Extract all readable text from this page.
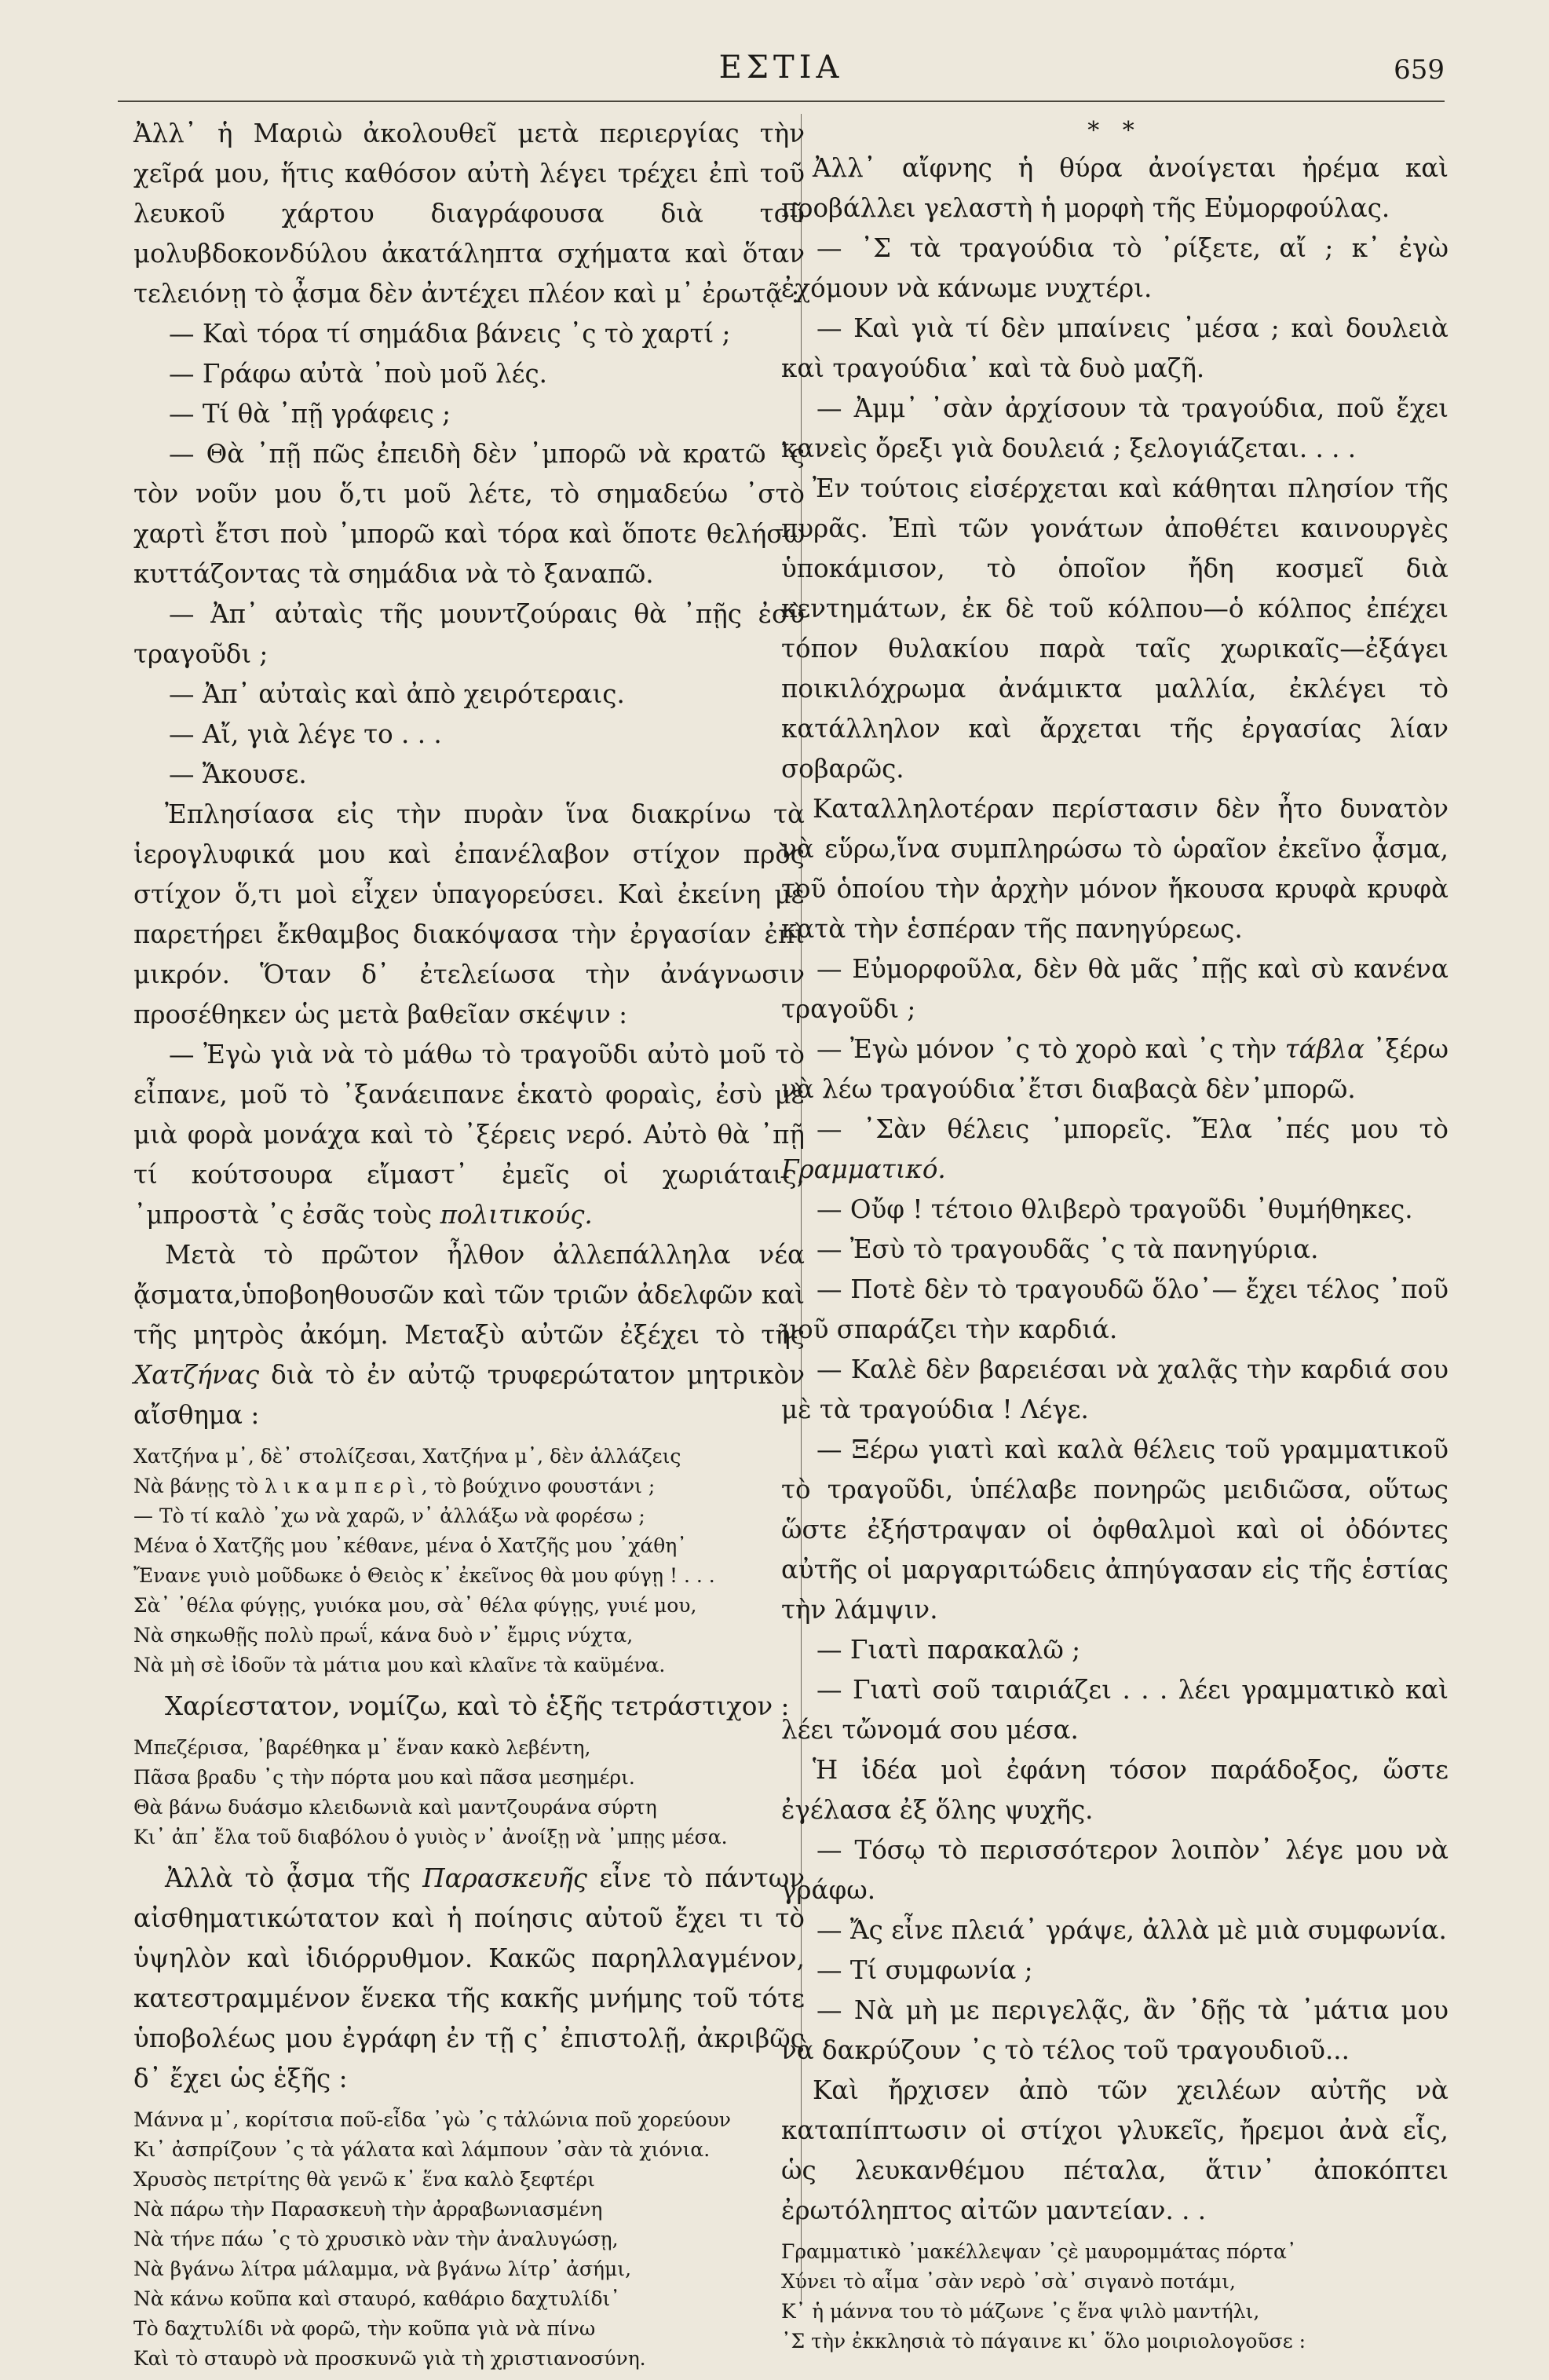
ΕΣΤΙΑ	659

Ἀλλ᾽ ἡ Μαριὼ ἀκολουθεῖ μετὰ περιεργίας τὴν χεῖρά μου, ἥτις καθόσον αὐτὴ λέγει τρέχει ἐπὶ τοῦ λευκοῦ χάρτου διαγράφουσα διὰ τοῦ μολυβδοκονδύλου ἀκατάληπτα σχήματα καὶ ὅταν τελειόνῃ τὸ ᾆσμα δὲν ἀντέχει πλέον καὶ μ᾽ ἐρωτᾷ :

— Καὶ τόρα τί σημάδια βάνεις ᾽ς τὸ χαρτί ;

— Γράφω αὐτὰ ᾽ποὺ μοῦ λές.

— Τί θὰ ᾽πῇ γράφεις ;

— Θὰ ᾽πῇ πῶς ἐπειδὴ δὲν ᾽μπορῶ νὰ κρατῶ ᾽ς τὸν νοῦν μου ὅ,τι μοῦ λέτε, τὸ σημαδεύω ᾽στὸ χαρτὶ ἔτσι ποὺ ᾽μπορῶ καὶ τόρα καὶ ὅποτε θελήσω κυττάζοντας τὰ σημάδια νὰ τὸ ξαναπῶ.

— Ἀπ᾽ αὐταὶς τῆς μουντζούραις θὰ ᾽πῇς ἐσὺ τραγοῦδι ;

— Ἀπ᾽ αὐταὶς καὶ ἀπὸ χειρότεραις.

— Αἴ, γιὰ λέγε το . . .

— Ἄκουσε.

Ἐπλησίασα εἰς τὴν πυρὰν ἵνα διακρίνω τὰ ἱερογλυφικά μου καὶ ἐπανέλαβον στίχον πρὸς στίχον ὅ,τι μοὶ εἶχεν ὑπαγορεύσει. Καὶ ἐκείνη μὲ παρετήρει ἔκθαμβος διακόψασα τὴν ἐργασίαν ἐπὶ μικρόν. Ὅταν δ᾽ ἐτελείωσα τὴν ἀνάγνωσιν προσέθηκεν ὡς μετὰ βαθεῖαν σκέψιν :

— Ἐγὼ γιὰ νὰ τὸ μάθω τὸ τραγοῦδι αὐτὸ μοῦ τὸ εἶπανε, μοῦ τὸ ᾽ξανάειπανε ἑκατὸ φοραὶς, ἐσὺ μὲ μιὰ φορὰ μονάχα καὶ τὸ ᾽ξέρεις νερό. Αὐτὸ θὰ ᾽πῇ τί κούτσουρα εἴμαστ᾽ ἐμεῖς οἱ χωριάταις, ᾽μπροστὰ ᾽ς ἐσᾶς τοὺς πολιτικούς.

Μετὰ τὸ πρῶτον ἦλθον ἀλλεπάλληλα νέα ᾄσματα,ὑποβοηθουσῶν καὶ τῶν τριῶν ἀδελφῶν καὶ τῆς μητρὸς ἀκόμη. Μεταξὺ αὐτῶν ἐξέχει τὸ τῆς Χατζήνας διὰ τὸ ἐν αὐτῷ τρυφερώτατον μητρικὸν αἴσθημα :

Χατζήνα μ᾽, δὲ᾽ στολίζεσαι, Χατζήνα μ᾽, δὲν ἀλλάζεις
Νὰ βάνῃς τὸ λ ι κ α μ π ε ρ ὶ , τὸ βούχινο φουστάνι ;
— Τὸ τί καλὸ ᾽χω νὰ χαρῶ, ν᾽ ἀλλάξω νὰ φορέσω ;
Μένα ὁ Χατζῆς μου ᾽κέθανε, μένα ὁ Χατζῆς μου ᾽χάθη᾽
Ἔνανε γυιὸ μοῦδωκε ὁ Θειὸς κ᾽ ἐκεῖνος θὰ μου φύγῃ ! . . .
Σὰ᾽ ᾽θέλα φύγῃς, γυιόκα μου, σὰ᾽ θέλα φύγῃς, γυιέ μου,
Νὰ σηκωθῇς πολὺ πρωΐ, κάνα δυὸ ν᾽ ἔμρις νύχτα,
Νὰ μὴ σὲ ἰδοῦν τὰ μάτια μου καὶ κλαῖνε τὰ καϋμένα.

Χαρίεστατον, νομίζω, καὶ τὸ ἑξῆς τετράστιχον :

Μπεζέρισα, ᾽βαρέθηκα μ᾽ ἕναν κακὸ λεβέντη,
Πᾶσα βραδυ ᾽ς τὴν πόρτα μου καὶ πᾶσα μεσημέρι.
Θὰ βάνω δυάσμο κλειδωνιὰ καὶ μαντζουράνα σύρτη
Κι᾽ ἀπ᾽ ἔλα τοῦ διαβόλου ὁ γυιὸς ν᾽ ἀνοίξῃ νὰ ᾽μπῃς μέσα.

Ἀλλὰ τὸ ᾆσμα τῆς Παρασκευῆς εἶνε τὸ πάντων αἰσθηματικώτατον καὶ ἡ ποίησις αὐτοῦ ἔχει τι τὸ ὑψηλὸν καὶ ἰδιόρρυθμον. Κακῶς παρηλλαγμένον, κατεστραμμένον ἕνεκα τῆς κακῆς μνήμης τοῦ τότε ὑποβολέως μου ἐγράφη ἐν τῇ ς᾽ ἐπιστολῇ, ἀκριβῶς δ᾽ ἔχει ὡς ἑξῆς :

Μάννα μ᾽, κορίτσια ποῦ-εἶδα ᾽γὼ ᾽ς τἀλώνια ποῦ χορεύουν
Κι᾽ ἀσπρίζουν ᾽ς τὰ γάλατα καὶ λάμπουν ᾽σὰν τὰ χιόνια.
Χρυσὸς πετρίτης θὰ γενῶ κ᾽ ἕνα καλὸ ξεφτέρι
Νὰ πάρω τὴν Παρασκευὴ τὴν ἀρραβωνιασμένη
Νὰ τήνε πάω ᾽ς τὸ χρυσικὸ νὰν τὴν ἀναλυγώσῃ,
Νὰ βγάνω λίτρα μάλαμμα, νὰ βγάνω λίτρ᾽ ἀσήμι,
Νὰ κάνω κοῦπα καὶ σταυρό, καθάριο δαχτυλίδι᾽
Τὸ δαχτυλίδι νὰ φορῶ, τὴν κοῦπα γιὰ νὰ πίνω
Καὶ τὸ σταυρὸ νὰ προσκυνῶ γιὰ τὴ χριστιανοσύνη.
* *

Ἀλλ᾽ αἴφνης ἡ θύρα ἀνοίγεται ἠρέμα καὶ προβάλλει γελαστὴ ἡ μορφὴ τῆς Εὐμορφούλας.

— ᾽Σ τὰ τραγούδια τὸ ᾽ρίξετε, αἴ ; κ᾽ ἐγὼ ἐχόμουν νὰ κάνωμε νυχτέρι.

— Καὶ γιὰ τί δὲν μπαίνεις ᾽μέσα ; καὶ δουλειὰ καὶ τραγούδια᾽ καὶ τὰ δυὸ μαζῆ.

— Ἀμμ᾽ ᾽σὰν ἀρχίσουν τὰ τραγούδια, ποῦ ἔχει κανεὶς ὄρεξι γιὰ δουλειά ; ξελογιάζεται. . . .

Ἐν τούτοις εἰσέρχεται καὶ κάθηται πλησίον τῆς πυρᾶς. Ἐπὶ τῶν γονάτων ἀποθέτει καινουργὲς ὑποκάμισον, τὸ ὁποῖον ἤδη κοσμεῖ διὰ κεντημάτων, ἐκ δὲ τοῦ κόλπου—ὁ κόλπος ἐπέχει τόπον θυλακίου παρὰ ταῖς χωρικαῖς—ἐξάγει ποικιλόχρωμα ἀνάμικτα μαλλία, ἐκλέγει τὸ κατάλληλον καὶ ἄρχεται τῆς ἐργασίας λίαν σοβαρῶς.

Καταλληλοτέραν περίστασιν δὲν ἦτο δυνατὸν νὰ εὕρω,ἵνα συμπληρώσω τὸ ὡραῖον ἐκεῖνο ᾆσμα, τοῦ ὁποίου τὴν ἀρχὴν μόνον ἤκουσα κρυφὰ κρυφὰ κατὰ τὴν ἑσπέραν τῆς πανηγύρεως.

— Εὐμορφοῦλα, δὲν θὰ μᾶς ᾽πῇς καὶ σὺ κανένα τραγοῦδι ;

— Ἐγὼ μόνον ᾽ς τὸ χορὸ καὶ ᾽ς τὴν τάβλα ᾽ξέρω νὰ λέω τραγούδια᾽ἔτσι διαβαςὰ δὲν᾽μπορῶ.

— ᾽Σὰν θέλεις ᾽μπορεῖς. Ἔλα ᾽πές μου τὸ Γραμματικό.

— Οὔφ ! τέτοιο θλιβερὸ τραγοῦδι ᾽θυμήθηκες.

— Ἐσὺ τὸ τραγουδᾶς ᾽ς τὰ πανηγύρια.

— Ποτὲ δὲν τὸ τραγουδῶ ὅλο᾽— ἔχει τέλος ᾽ποῦ μοῦ σπαράζει τὴν καρδιά.

— Καλὲ δὲν βαρειέσαι νὰ χαλᾷς τὴν καρδιά σου μὲ τὰ τραγούδια ! Λέγε.

— Ξέρω γιατὶ καὶ καλὰ θέλεις τοῦ γραμματικοῦ τὸ τραγοῦδι, ὑπέλαβε πονηρῶς μειδιῶσα, οὕτως ὥστε ἐξήστραψαν οἱ ὀφθαλμοὶ καὶ οἱ ὀδόντες αὐτῆς οἱ μαργαριτώδεις ἀπηύγασαν εἰς τῆς ἑστίας τὴν λάμψιν.

— Γιατὶ παρακαλῶ ;

— Γιατὶ σοῦ ταιριάζει . . . λέει γραμματικὸ καὶ λέει τὤνομά σου μέσα.

Ἡ ἰδέα μοὶ ἐφάνη τόσον παράδοξος, ὥστε ἐγέλασα ἐξ ὅλης ψυχῆς.

— Τόσῳ τὸ περισσότερον λοιπὸν᾽ λέγε μου νὰ γράφω.

— Ἄς εἶνε πλειά᾽ γράψε, ἀλλὰ μὲ μιὰ συμφωνία.

— Τί συμφωνία ;

— Νὰ μὴ με περιγελᾷς, ἂν ᾽δῇς τὰ ᾽μάτια μου νὰ δακρύζουν ᾽ς τὸ τέλος τοῦ τραγουδιοῦ...

Καὶ ἤρχισεν ἀπὸ τῶν χειλέων αὐτῆς νὰ καταπίπτωσιν οἱ στίχοι γλυκεῖς, ἤρεμοι ἀνὰ εἷς, ὡς λευκανθέμου πέταλα, ἅτιν᾽ ἀποκόπτει ἐρωτόληπτος αἰτῶν μαντείαν. . .

Γραμματικὸ ᾽μακέλλεψαν ᾽ςὲ μαυρομμάτας πόρτα᾽
Χύνει τὸ αἷμα ᾽σὰν νερὸ ᾽σὰ᾽ σιγανὸ ποτάμι,
Κ᾽ ἡ μάννα του τὸ μάζωνε ᾽ς ἕνα ψιλὸ μαντήλι,
᾽Σ τὴν ἐκκλησιὰ τὸ πάγαινε κι᾽ ὅλο μοιριολογοῦσε :
